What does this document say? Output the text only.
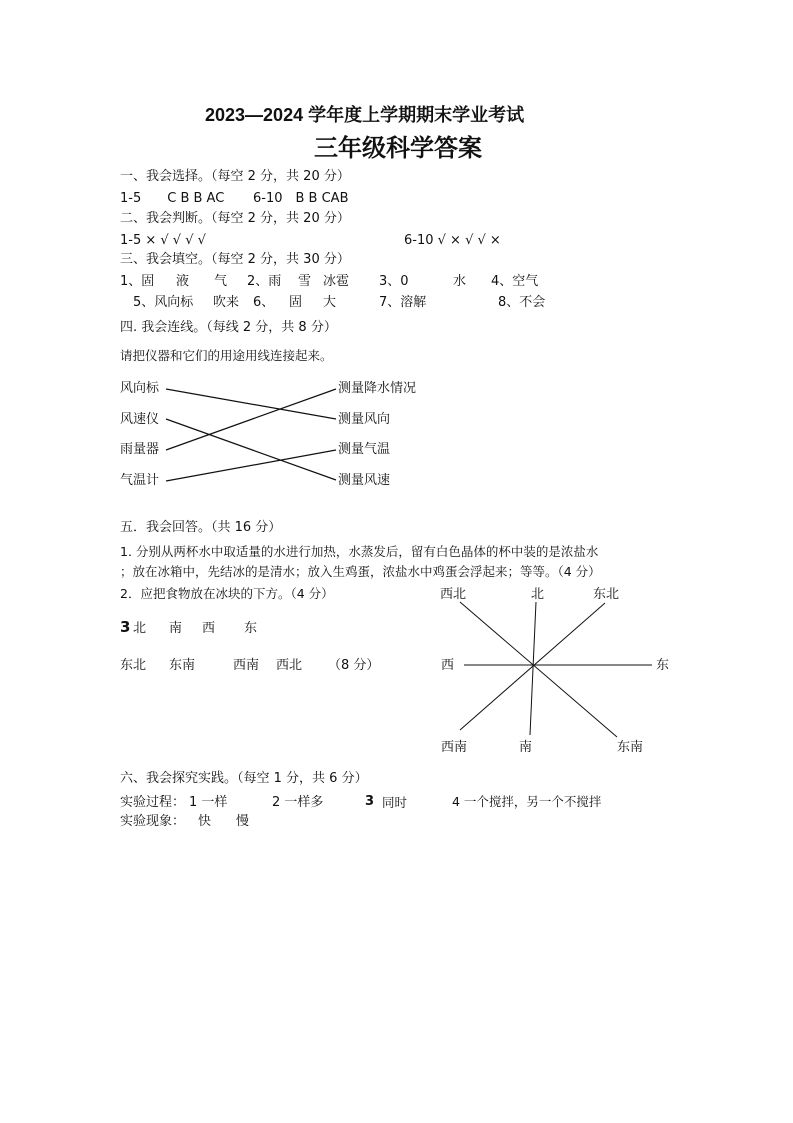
2023—2024 学年度上学期期末学业考试
三年级科学答案
一、我会选择。（每空 2 分，共 20 分）
1-5　　C B B AC 6-10　B B CAB
二、我会判断。（每空 2 分，共 20 分）
1-5 × √ √ √ √	6-10 √ × √ √ ×
三、我会填空。（每空 2 分，共 30 分）
1、固 液 气 2、雨 雪 冰雹 3、0	水 4、空气
5、风向标 吹来 6、 固 大	7、溶解	8、不会
四. 我会连线。（每线 2 分，共 8 分）
请把仪器和它们的用途用线连接起来。
风向标
风速仪
雨量器
气温计
测量降水情况
测量风向
测量气温
测量风速
五．我会回答。（共 16 分）
1. 分别从两杯水中取适量的水进行加热，水蒸发后，留有白色晶体的杯中装的是浓盐水
；放在冰箱中，先结冰的是清水；放入生鸡蛋，浓盐水中鸡蛋会浮起来；等等。（4 分）
2．应把食物放在冰块的下方。（4 分）
3 北 南 西 东
东北 东南	西南 西北 （8 分）
西北	北	东北
西	东
西南	南	东南
六、我会探究实践。（每空 1 分，共 6 分）
实验过程： 1 一样	2 一样多	3 同时	4 一个搅拌，另一个不搅拌
实验现象： 快 慢
